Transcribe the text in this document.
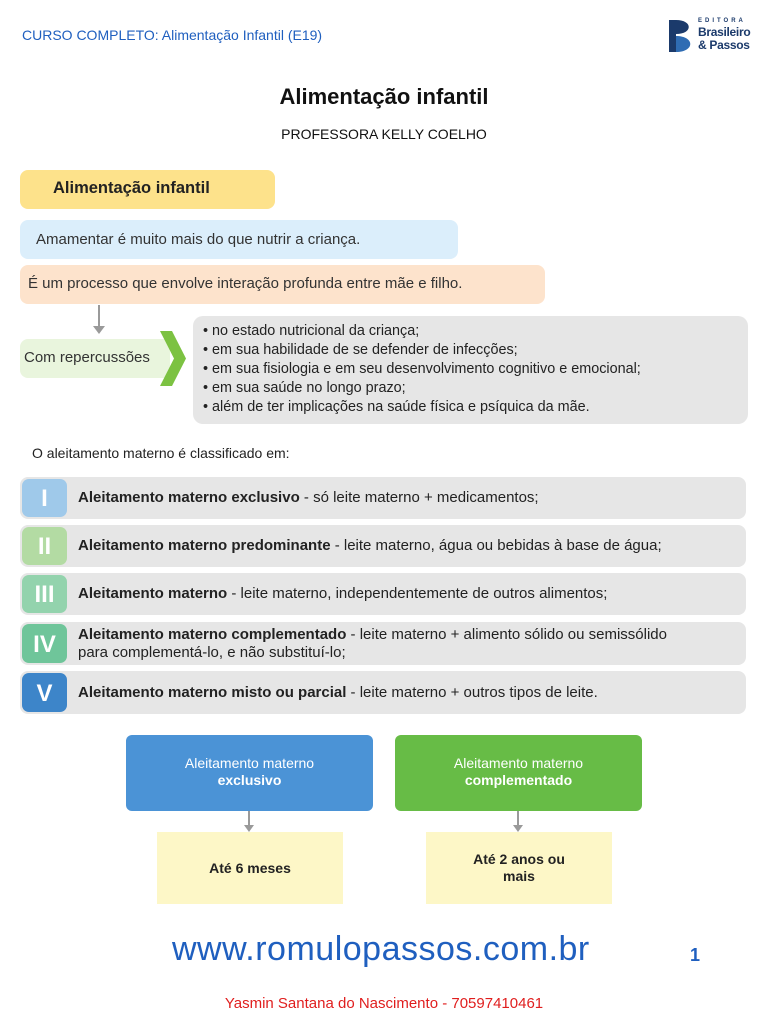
CURSO COMPLETO: Alimentação Infantil (E19)
EDITORA
Brasileiro
& Passos
Alimentação infantil
PROFESSORA KELLY COELHO
Alimentação infantil
Amamentar é muito mais do que nutrir a criança.
É um processo que envolve interação profunda entre mãe e filho.
Com repercussões
• no estado nutricional da criança;
• em sua habilidade de se defender de infecções;
• em sua fisiologia e em seu desenvolvimento cognitivo e emocional;
• em sua saúde no longo prazo;
• além de ter implicações na saúde física e psíquica da mãe.
O aleitamento materno é classificado em:
I	Aleitamento materno exclusivo - só leite materno + medicamentos;
II	Aleitamento materno predominante - leite materno, água ou bebidas à base de água;
III	Aleitamento materno - leite materno, independentemente de outros alimentos;
IV	Aleitamento materno complementado - leite materno + alimento sólido ou semissólido para complementá-lo, e não substituí-lo;
V	Aleitamento materno misto ou parcial - leite materno + outros tipos de leite.
Aleitamento materno
exclusivo
Até 6 meses
Aleitamento materno
complementado
Até 2 anos ou
mais
www.romulopassos.com.br	1
Yasmin Santana do Nascimento - 70597410461
